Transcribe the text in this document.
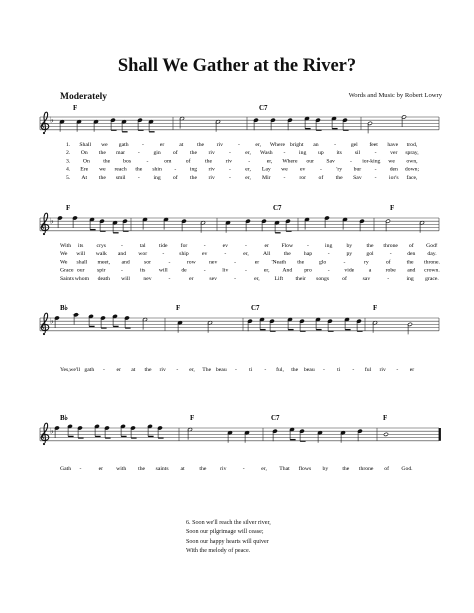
Shall We Gather at the River?
Moderately	Words and Music by Robert Lowry
♭
F	C7
1. Shall we gath -	er	at the riv	-	er, Where bright an	-	gel feet have trod,
2. On the mar - gin of the riv -	er, Wash - ing up its sil	- ver spray,
3. On the bos	-	om	of	the riv	-	er, Where our Sav	- ior-king we own,
4. Ere we reach the shin - ing riv -	er, Lay we ev	-	'ry bur - den down;
5. At the smil - ing of the riv -	er, Mir - ror of the Sav - ior's face,
♭
F	C7	F
With its crys	-	tal tide for	-	ev	-	er Flow -	ing by	the throne of God!
We will walk and wor	-	ship ev	-	er, All the hap	-	py gol	-	den day.
We shall meet, and	sor	-	row nev	-	er 'Neath the	glo	-	ry	of	the throne.
Grace our spir	-	its will de	-	liv	-	er, And pro	-	vide	a	robe and crown.
Saints whom death will nev	-	er	sev	-	er,	Lift their songs of	sav	-	ing grace.
♭
B♭	F	C7	F
Yes, we'll gath - er at the riv - er, The beau - ti - ful, the beau - ti - ful riv - er
♭
B♭	F	C7	F
Gath -	er with the saints at	the riv	-	er, That flows by the throne of God.
6. Soon we'll reach the silver river,
Soon our pilgrimage will cease;
Soon our happy hearts will quiver
With the melody of peace.
